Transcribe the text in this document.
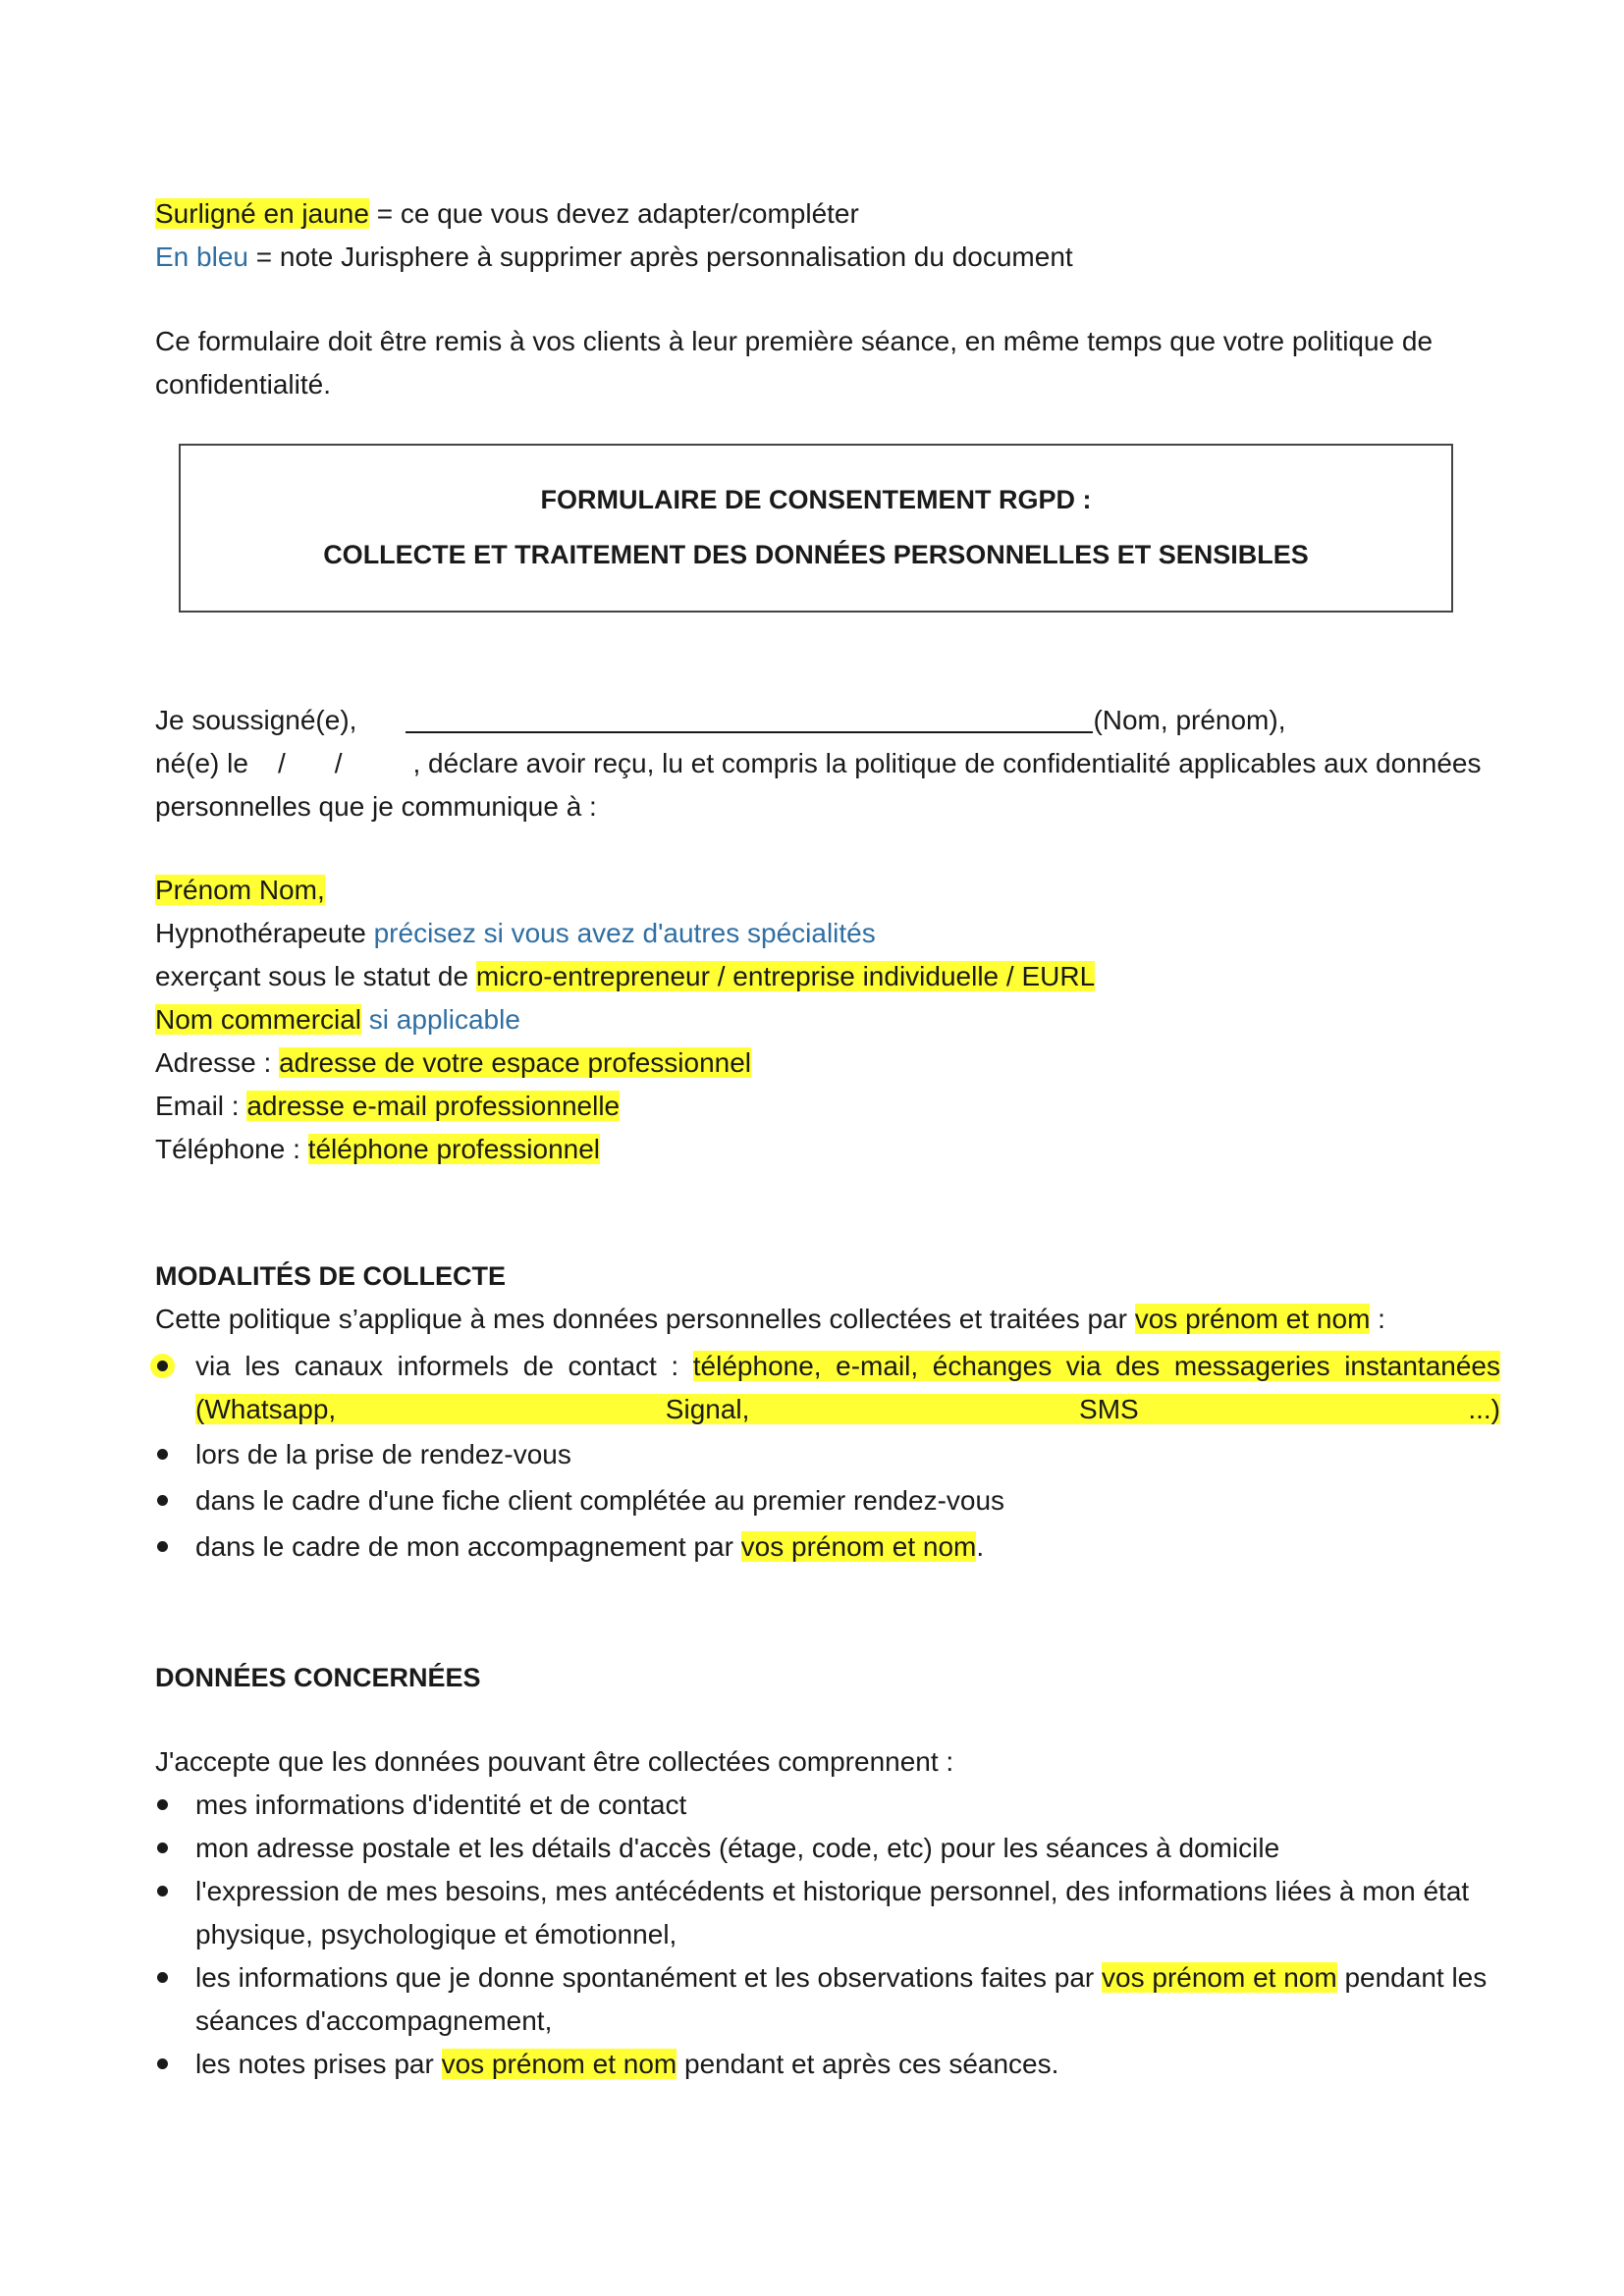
Surligné en jaune = ce que vous devez adapter/compléter

En bleu = note Jurisphere à supprimer après personnalisation du document

Ce formulaire doit être remis à vos clients à leur première séance, en même temps que votre politique de confidentialité.

FORMULAIRE DE CONSENTEMENT RGPD :
COLLECTE ET TRAITEMENT DES DONNÉES PERSONNELLES ET SENSIBLES

Je soussigné(e),	(Nom, prénom),

né(e) le / /	, déclare avoir reçu, lu et compris la politique de confidentialité applicables aux données personnelles que je communique à :

Prénom Nom,

Hypnothérapeute précisez si vous avez d'autres spécialités

exerçant sous le statut de micro-entrepreneur / entreprise individuelle / EURL

Nom commercial si applicable

Adresse : adresse de votre espace professionnel

Email : adresse e-mail professionnelle

Téléphone : téléphone professionnel

MODALITÉS DE COLLECTE

Cette politique s’applique à mes données personnelles collectées et traitées par vos prénom et nom :

via les canaux informels de contact : téléphone, e-mail, échanges via des messageries instantanées (Whatsapp, Signal, SMS ...)
lors de la prise de rendez-vous
dans le cadre d'une fiche client complétée au premier rendez-vous
dans le cadre de mon accompagnement par vos prénom et nom.

DONNÉES CONCERNÉES

J'accepte que les données pouvant être collectées comprennent :

mes informations d'identité et de contact
mon adresse postale et les détails d'accès (étage, code, etc) pour les séances à domicile
l'expression de mes besoins, mes antécédents et historique personnel, des informations liées à mon état physique, psychologique et émotionnel,
les informations que je donne spontanément et les observations faites par vos prénom et nom pendant les séances d'accompagnement,
les notes prises par vos prénom et nom pendant et après ces séances.
